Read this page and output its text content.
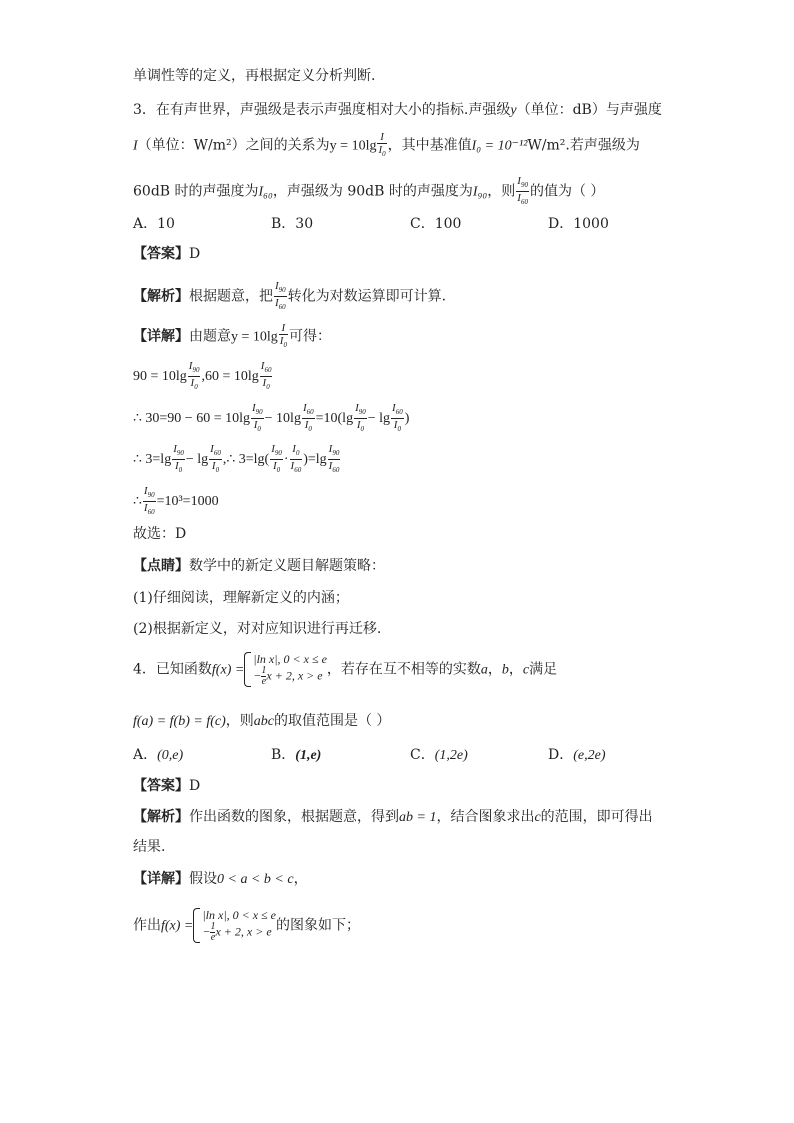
单调性等的定义，再根据定义分析判断.
3．在有声世界，声强级是表示声强度相对大小的指标.声强级y（单位：dB）与声强度
I（单位：W/m²）之间的关系为$y = 10\lg \frac{I}{I_0}$ ，其中基准值I₀ = 10⁻¹²W/m².若声强级为
60dB 时的声强度为I₆₀，声强级为 90dB 时的声强度为I₉₀，则 $\frac{I_{90}}{I_{60}}$ 的值为（ ）
A．10	B．30	C．100	D．1000
【答案】D
【解析】根据题意，把 $\frac{I_{90}}{I_{60}}$ 转化为对数运算即可计算.
【详解】由题意$y = 10\lg \frac{I}{I_0}$ 可得：
$90 = 10\lg \frac{I_{90}}{I_0} ,60 = 10\lg \frac{I_{60}}{I_0}$
∴ $30=90 - 60 = 10\lg \frac{I_{90}}{I_0} - 10\lg \frac{I_{60}}{I_0} =10(\lg \frac{I_{90}}{I_0} - \lg \frac{I_{60}}{I_0}$ )
∴ $3=\lg \frac{I_{90}}{I_0} - \lg \frac{I_{60}}{I_0}$ ,∴ $3=\lg( \frac{I_{90}}{I_0} \cdot \frac{I_0}{I_{60}} )=\lg \frac{I_{90}}{I_{60}}$
∴ $\frac{I_{90}}{I_{60}} =10^3=1000$
故选：D
【点睛】数学中的新定义题目解题策略：
(1)仔细阅读，理解新定义的内涵；
(2)根据新定义，对对应知识进行再迁移.
4．已知函数f(x) =
|ln x|, 0 < x ≤ e
− $\frac{1}{e}$ x + 2, x > e ，若存在互不相等的实数a，b，c满足
f(a) = f(b) = f(c)，则abc的取值范围是（ ）
A．(0,e)	B．(1,e)	C．(1,2e)	D．(e,2e)
【答案】D
【解析】作出函数的图象，根据题意，得到ab = 1，结合图象求出c的范围，即可得出
结果.
【详解】假设0 < a < b < c，
作出f(x) =
|ln x|, 0 < x ≤ e
− $\frac{1}{e}$ x + 2, x > e 的图象如下；
